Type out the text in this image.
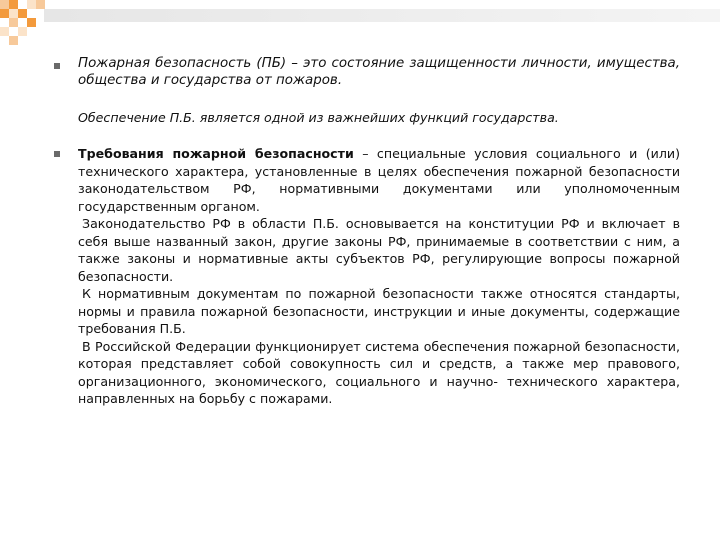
Пожарная безопасность (ПБ) – это состояние защищенности личности, имущества, общества и государства от пожаров.
Обеспечение П.Б. является одной из важнейших функций государства.

Требования пожарной безопасности – специальные условия социального и (или) технического характера, установленные в целях обеспечения пожарной безопасности законодательством РФ, нормативными документами или уполномоченным государственным органом.

Законодательство РФ в области П.Б. основывается на конституции РФ и включает в себя выше названный закон, другие законы РФ, принимаемые в соответствии с ним, а также законы и нормативные акты субъектов РФ, регулирующие вопросы пожарной безопасности.

К нормативным документам по пожарной безопасности также относятся стандарты, нормы и правила пожарной безопасности, инструкции и иные документы, содержащие требования П.Б.

В Российской Федерации функционирует система обеспечения пожарной безопасности, которая представляет собой совокупность сил и средств, а также мер правового, организационного, экономического, социального и научно- технического характера, направленных на борьбу с пожарами.
